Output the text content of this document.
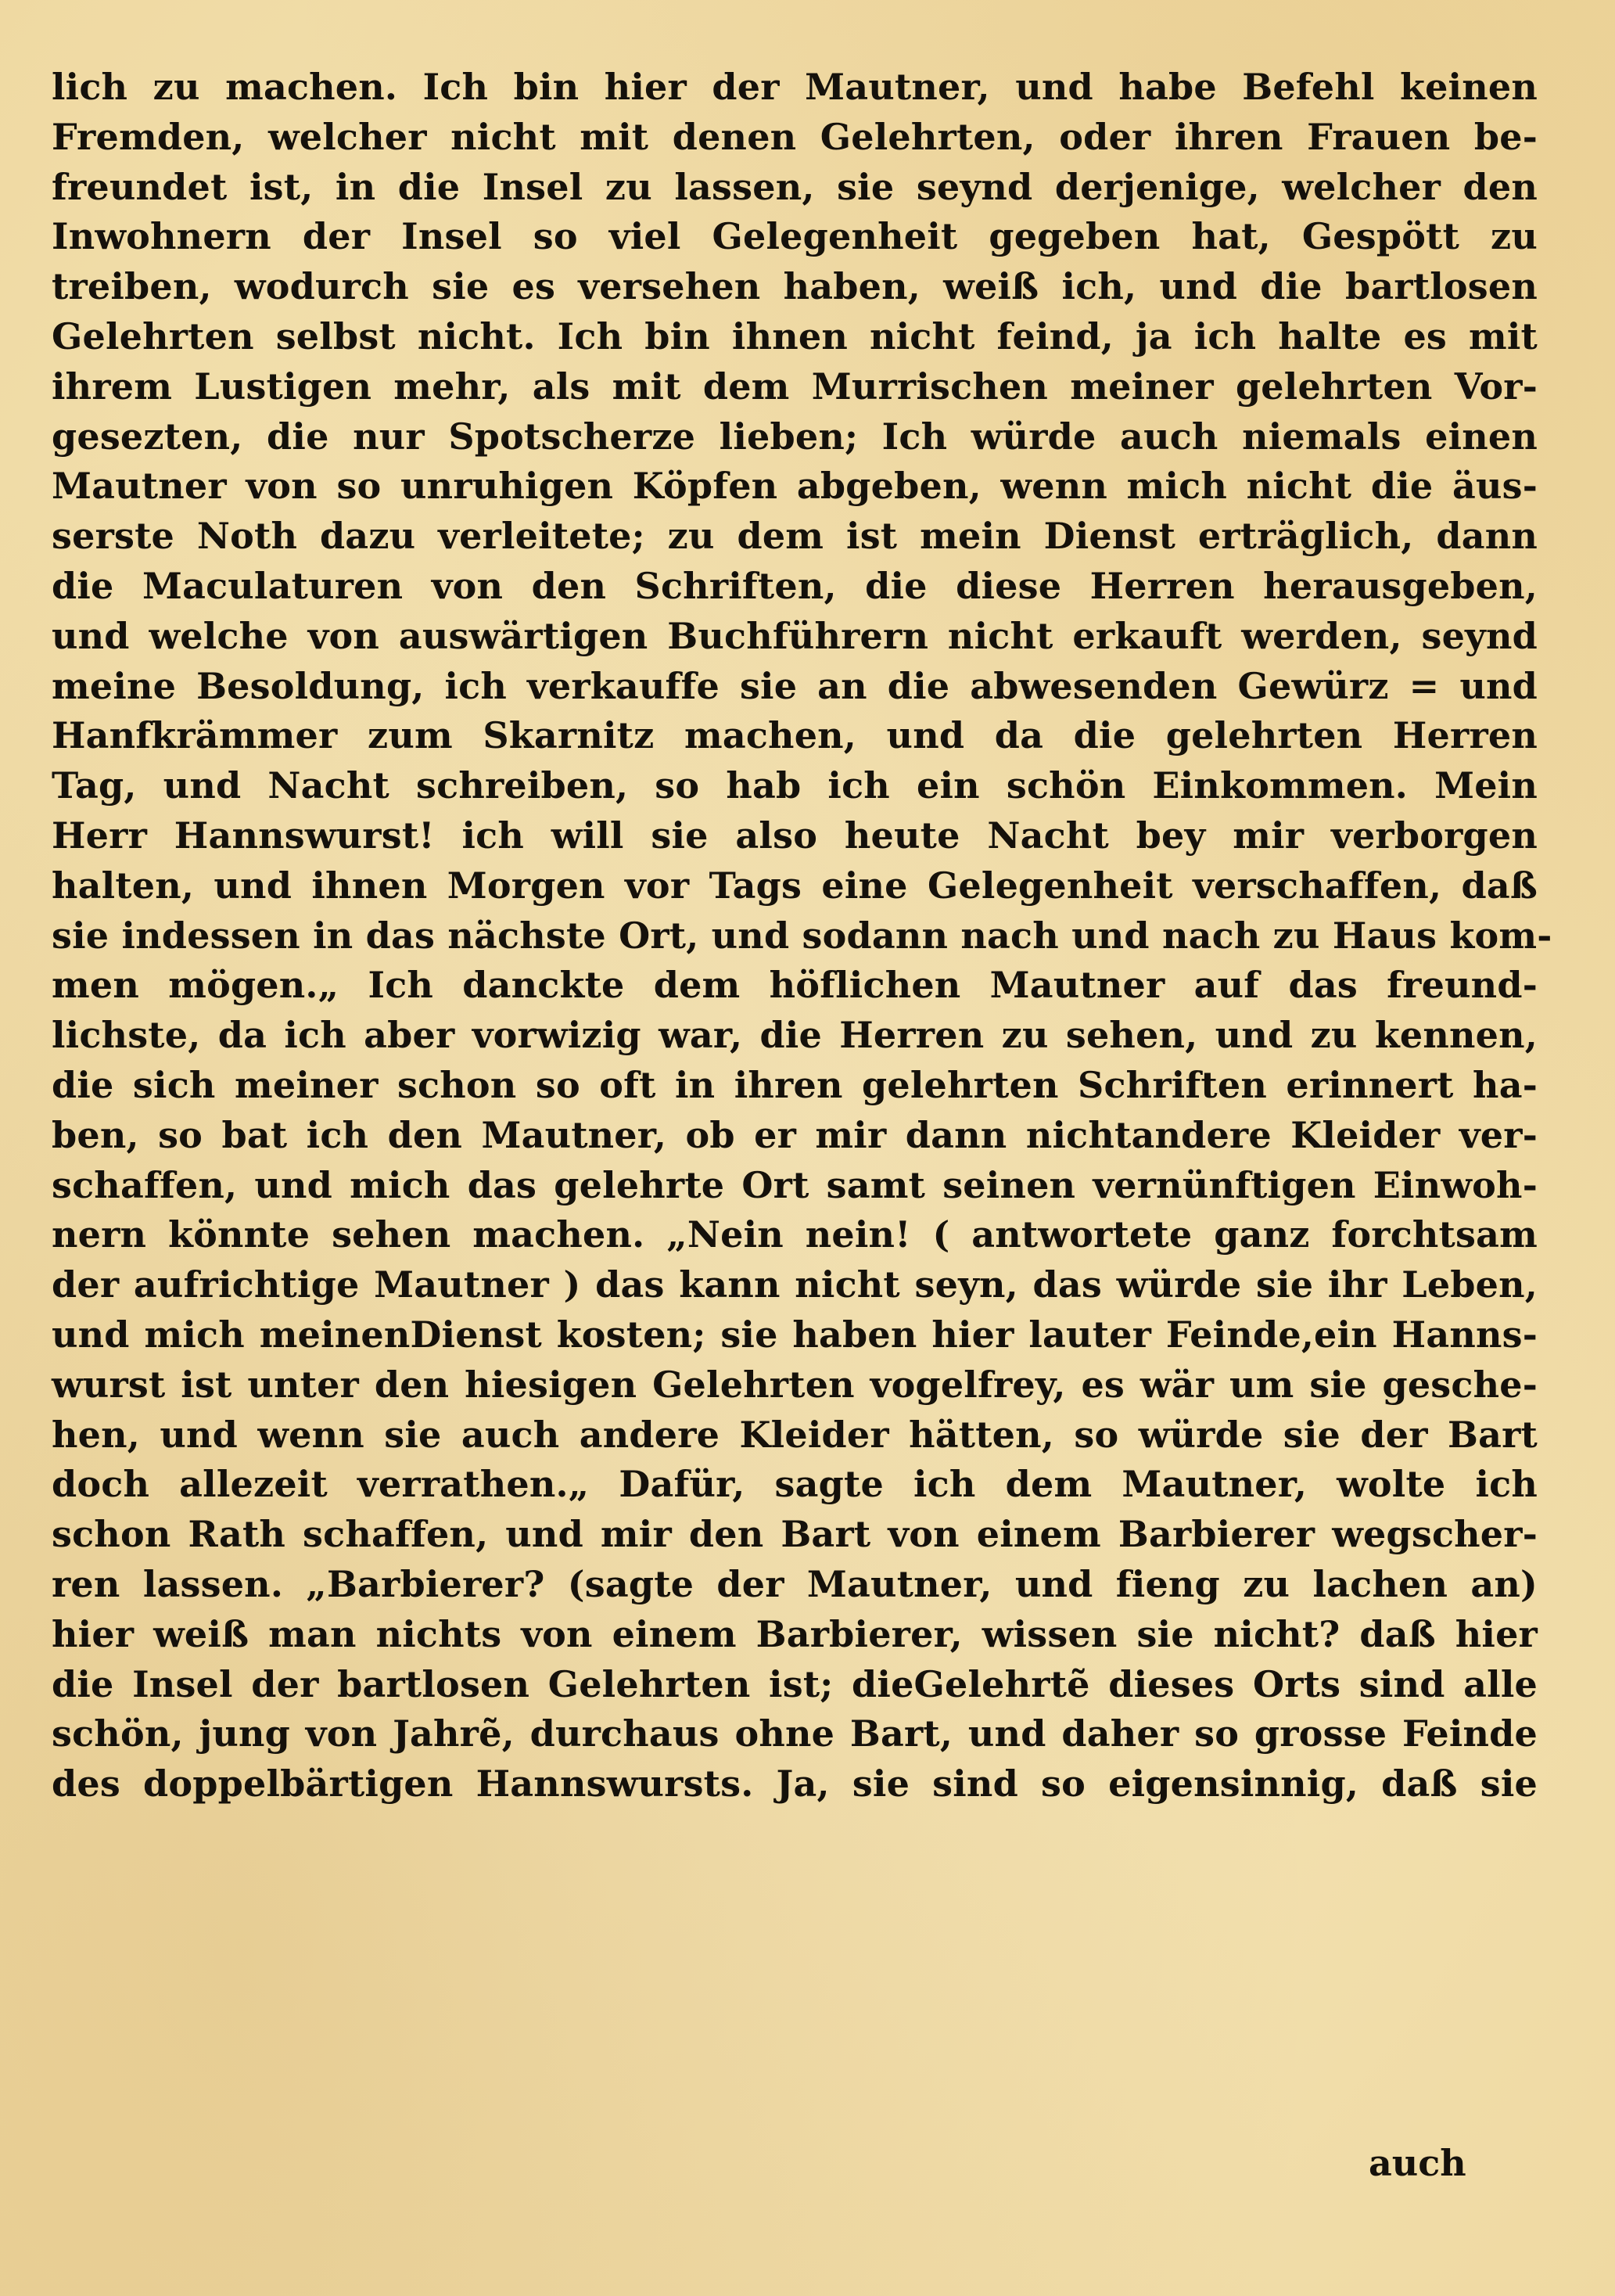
lich zu machen. Ich bin hier der Mautner, und habe Befehl keinen
Fremden, welcher nicht mit denen Gelehrten, oder ihren Frauen be-
freundet ist, in die Insel zu lassen, sie seynd derjenige, welcher den
Inwohnern der Insel so viel Gelegenheit gegeben hat, Gespött zu
treiben, wodurch sie es versehen haben, weiß ich, und die bartlosen
Gelehrten selbst nicht. Ich bin ihnen nicht feind, ja ich halte es mit
ihrem Lustigen mehr, als mit dem Murrischen meiner gelehrten Vor-
gesezten, die nur Spotscherze lieben; Ich würde auch niemals einen
Mautner von so unruhigen Köpfen abgeben, wenn mich nicht die äus-
serste Noth dazu verleitete; zu dem ist mein Dienst erträglich, dann
die Maculaturen von den Schriften, die diese Herren herausgeben,
und welche von auswärtigen Buchführern nicht erkauft werden, seynd
meine Besoldung, ich verkauffe sie an die abwesenden Gewürz = und
Hanfkrämmer zum Skarnitz machen, und da die gelehrten Herren
Tag, und Nacht schreiben, so hab ich ein schön Einkommen. Mein
Herr Hannswurst! ich will sie also heute Nacht bey mir verborgen
halten, und ihnen Morgen vor Tags eine Gelegenheit verschaffen, daß
sie indessen in das nächste Ort, und sodann nach und nach zu Haus kom-
men mögen.„ Ich danckte dem höflichen Mautner auf das freund-
lichste, da ich aber vorwizig war, die Herren zu sehen, und zu kennen,
die sich meiner schon so oft in ihren gelehrten Schriften erinnert ha-
ben, so bat ich den Mautner, ob er mir dann nichtandere Kleider ver-
schaffen, und mich das gelehrte Ort samt seinen vernünftigen Einwoh-
nern könnte sehen machen. „Nein nein! ( antwortete ganz forchtsam
der aufrichtige Mautner ) das kann nicht seyn, das würde sie ihr Leben,
und mich meinenDienst kosten; sie haben hier lauter Feinde,ein Hanns-
wurst ist unter den hiesigen Gelehrten vogelfrey, es wär um sie gesche-
hen, und wenn sie auch andere Kleider hätten, so würde sie der Bart
doch allezeit verrathen.„ Dafür, sagte ich dem Mautner, wolte ich
schon Rath schaffen, und mir den Bart von einem Barbierer wegscher-
ren lassen. „Barbierer? (sagte der Mautner, und fieng zu lachen an)
hier weiß man nichts von einem Barbierer, wissen sie nicht? daß hier
die Insel der bartlosen Gelehrten ist; dieGelehrtẽ dieses Orts sind alle
schön, jung von Jahrẽ, durchaus ohne Bart, und daher so grosse Feinde
des doppelbärtigen Hannswursts. Ja, sie sind so eigensinnig, daß sie
auch
